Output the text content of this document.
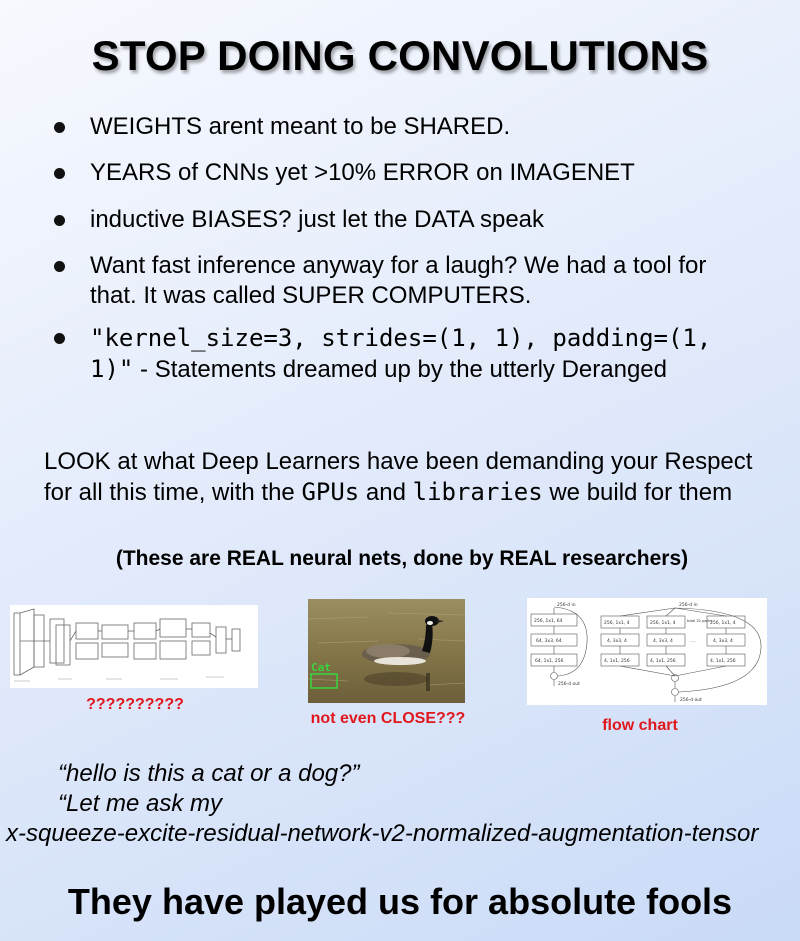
STOP DOING CONVOLUTIONS
WEIGHTS arent meant to be SHARED.
YEARS of CNNs yet >10% ERROR on IMAGENET
inductive BIASES? just let the DATA speak
Want fast inference anyway for a laugh? We had a tool for that. It was called SUPER COMPUTERS.
"kernel_size=3, strides=(1, 1), padding=(1, 1)" - Statements dreamed up by the utterly Deranged
LOOK at what Deep Learners have been demanding your Respect for all this time, with the GPUs and libraries we build for them
(These are REAL neural nets, done by REAL researchers)
??????????
Cat
not even CLOSE???
256-d in
256, 1x1, 64
64, 3x3, 64
64, 1x1, 256
256-d out
256-d in
256, 1x1, 4
4, 3x3, 4
4, 1x1, 256
256, 1x1, 4
4, 3x3, 4
4, 1x1, 256
256, 1x1, 4
4, 3x3, 4
4, 1x1, 256
total 32 paths
....
256-d out
flow chart
“hello is this a cat or a dog?”
“Let me ask my
x-squeeze-excite-residual-network-v2-normalized-augmentation-tensor
They have played us for absolute fools
